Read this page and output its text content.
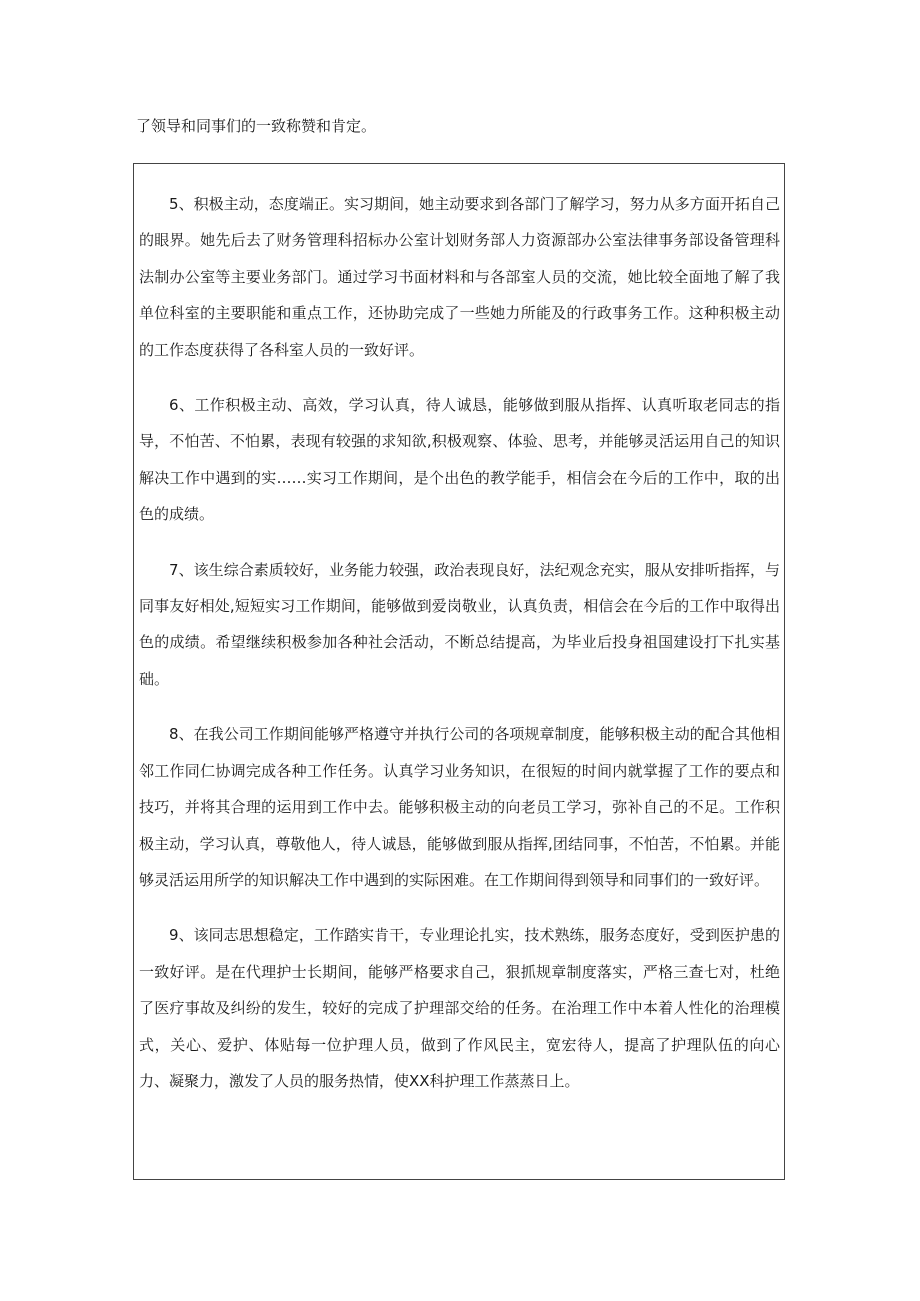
了领导和同事们的一致称赞和肯定。

5、积极主动，态度端正。实习期间，她主动要求到各部门了解学习，努力从多方面开拓自己的眼界。她先后去了财务管理科招标办公室计划财务部人力资源部办公室法律事务部设备管理科法制办公室等主要业务部门。通过学习书面材料和与各部室人员的交流，她比较全面地了解了我单位科室的主要职能和重点工作，还协助完成了一些她力所能及的行政事务工作。这种积极主动的工作态度获得了各科室人员的一致好评。

6、工作积极主动、高效，学习认真，待人诚恳，能够做到服从指挥、认真听取老同志的指导，不怕苦、不怕累，表现有较强的求知欲,积极观察、体验、思考，并能够灵活运用自己的知识解决工作中遇到的实……实习工作期间，是个出色的教学能手，相信会在今后的工作中，取的出色的成绩。

7、该生综合素质较好，业务能力较强，政治表现良好，法纪观念充实，服从安排听指挥，与同事友好相处,短短实习工作期间，能够做到爱岗敬业，认真负责，相信会在今后的工作中取得出色的成绩。希望继续积极参加各种社会活动，不断总结提高，为毕业后投身祖国建设打下扎实基础。

8、在我公司工作期间能够严格遵守并执行公司的各项规章制度，能够积极主动的配合其他相邻工作同仁协调完成各种工作任务。认真学习业务知识，在很短的时间内就掌握了工作的要点和技巧，并将其合理的运用到工作中去。能够积极主动的向老员工学习，弥补自己的不足。工作积极主动，学习认真，尊敬他人，待人诚恳，能够做到服从指挥,团结同事，不怕苦，不怕累。并能够灵活运用所学的知识解决工作中遇到的实际困难。在工作期间得到领导和同事们的一致好评。

9、该同志思想稳定，工作踏实肯干，专业理论扎实，技术熟练，服务态度好，受到医护患的一致好评。是在代理护士长期间，能够严格要求自己，狠抓规章制度落实，严格三查七对，杜绝了医疗事故及纠纷的发生，较好的完成了护理部交给的任务。在治理工作中本着人性化的治理模式，关心、爱护、体贴每一位护理人员，做到了作风民主，宽宏待人，提高了护理队伍的向心力、凝聚力，激发了人员的服务热情，使XX科护理工作蒸蒸日上。
